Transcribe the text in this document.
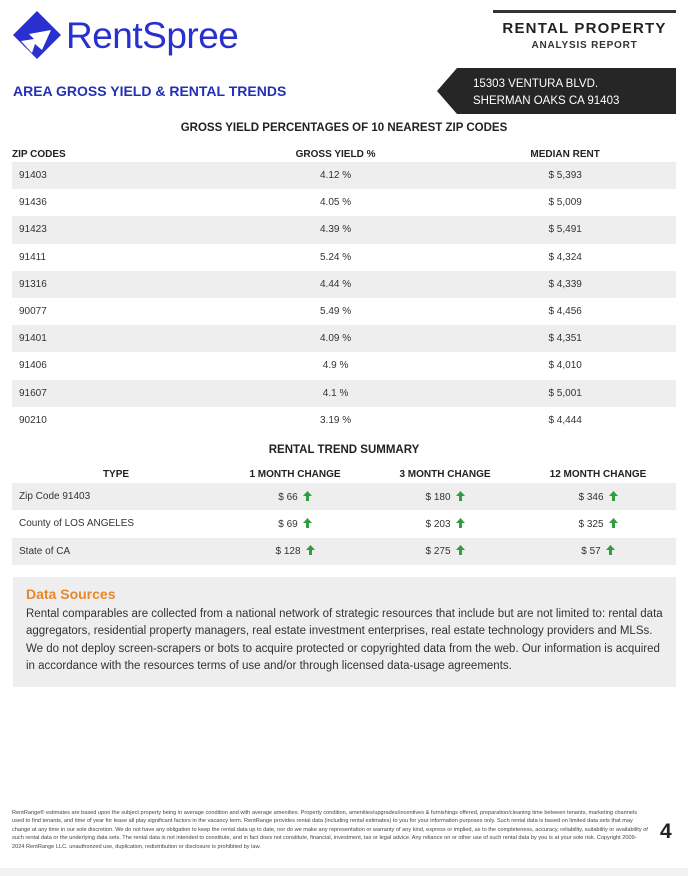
RentSpree	RENTAL PROPERTY
ANALYSIS REPORT
AREA GROSS YIELD & RENTAL TRENDS	15303 VENTURA BLVD.
SHERMAN OAKS CA 91403
GROSS YIELD PERCENTAGES OF 10 NEAREST ZIP CODES
ZIP CODES	GROSS YIELD %	MEDIAN RENT
91403	4.12 %	$ 5,393
91436	4.05 %	$ 5,009
91423	4.39 %	$ 5,491
91411	5.24 %	$ 4,324
91316	4.44 %	$ 4,339
90077	5.49 %	$ 4,456
91401	4.09 %	$ 4,351
91406	4.9 %	$ 4,010
91607	4.1 %	$ 5,001
90210	3.19 %	$ 4,444
RENTAL TREND SUMMARY
TYPE	1 MONTH CHANGE	3 MONTH CHANGE	12 MONTH CHANGE
Zip Code 91403	$ 66	$ 180	$ 346
County of LOS ANGELES	$ 69	$ 203	$ 325
State of CA	$ 128	$ 275	$ 57

Data Sources

Rental comparables are collected from a national network of strategic resources that include but are not limited to: rental data aggregators, residential property managers, real estate investment enterprises, real estate technology providers and MLSs. We do not deploy screen-scrapers or bots to acquire protected or copyrighted data from the web. Our information is acquired in accordance with the resources terms of use and/or through licensed data-usage agreements.

RentRange® estimates are based upon the subject property being in average condition and with average amenities. Property condition, amenities/upgrades/incentives & furnishings offered, preparation/cleaning time between tenants, marketing channels used to find tenants, and time of year for lease all play significant factors in the vacancy term. RentRange provides rental data (including rental estimates) to you for your information purposes only. Such rental data is based on limited data sets that may change at any time in our sole discretion. We do not have any obligation to keep the rental data up to date, nor do we make any representation or warranty of any kind, express or implied, as to the completeness, accuracy, reliability, suitability or availability of such rental data or the underlying data sets. The rental data is not intended to constitute, and in fact does not constitute, financial, investment, tax or legal advice. Any reliance on or other use of such rental data by you is at your sole risk. Copyright 2009-2024 RentRange LLC. unauthorized use, duplication, redistribution or disclosure is prohibited by law.
4
